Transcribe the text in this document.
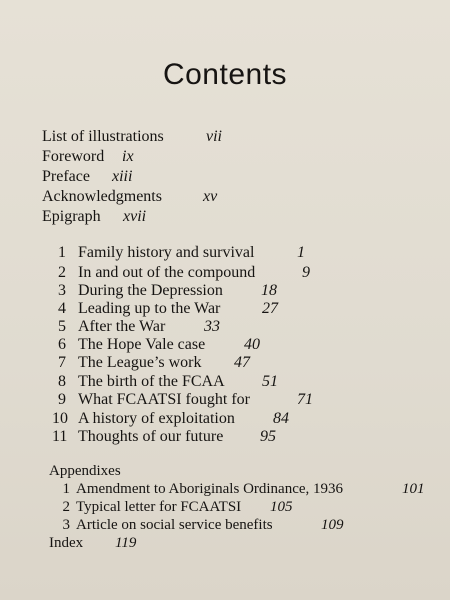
Contents
List of illustrations	vii
Foreword ix
Preface xiii
Acknowledgments	xv
Epigraph xvii
1 Family history and survival	1
2 In and out of the compound	9
3 During the Depression 18
4 Leading up to the War	27
5 After the War 33
6 The Hope Vale case 40
7 The League’s work 47
8 The birth of the FCAA 51
9 What FCAATSI fought for	71
10 A history of exploitation 84
11 Thoughts of our future 95
Appendixes
1 Amendment to Aboriginals Ordinance, 1936	101
2 Typical letter for FCAATSI 105
3 Article on social service benefits	109
Index 119
